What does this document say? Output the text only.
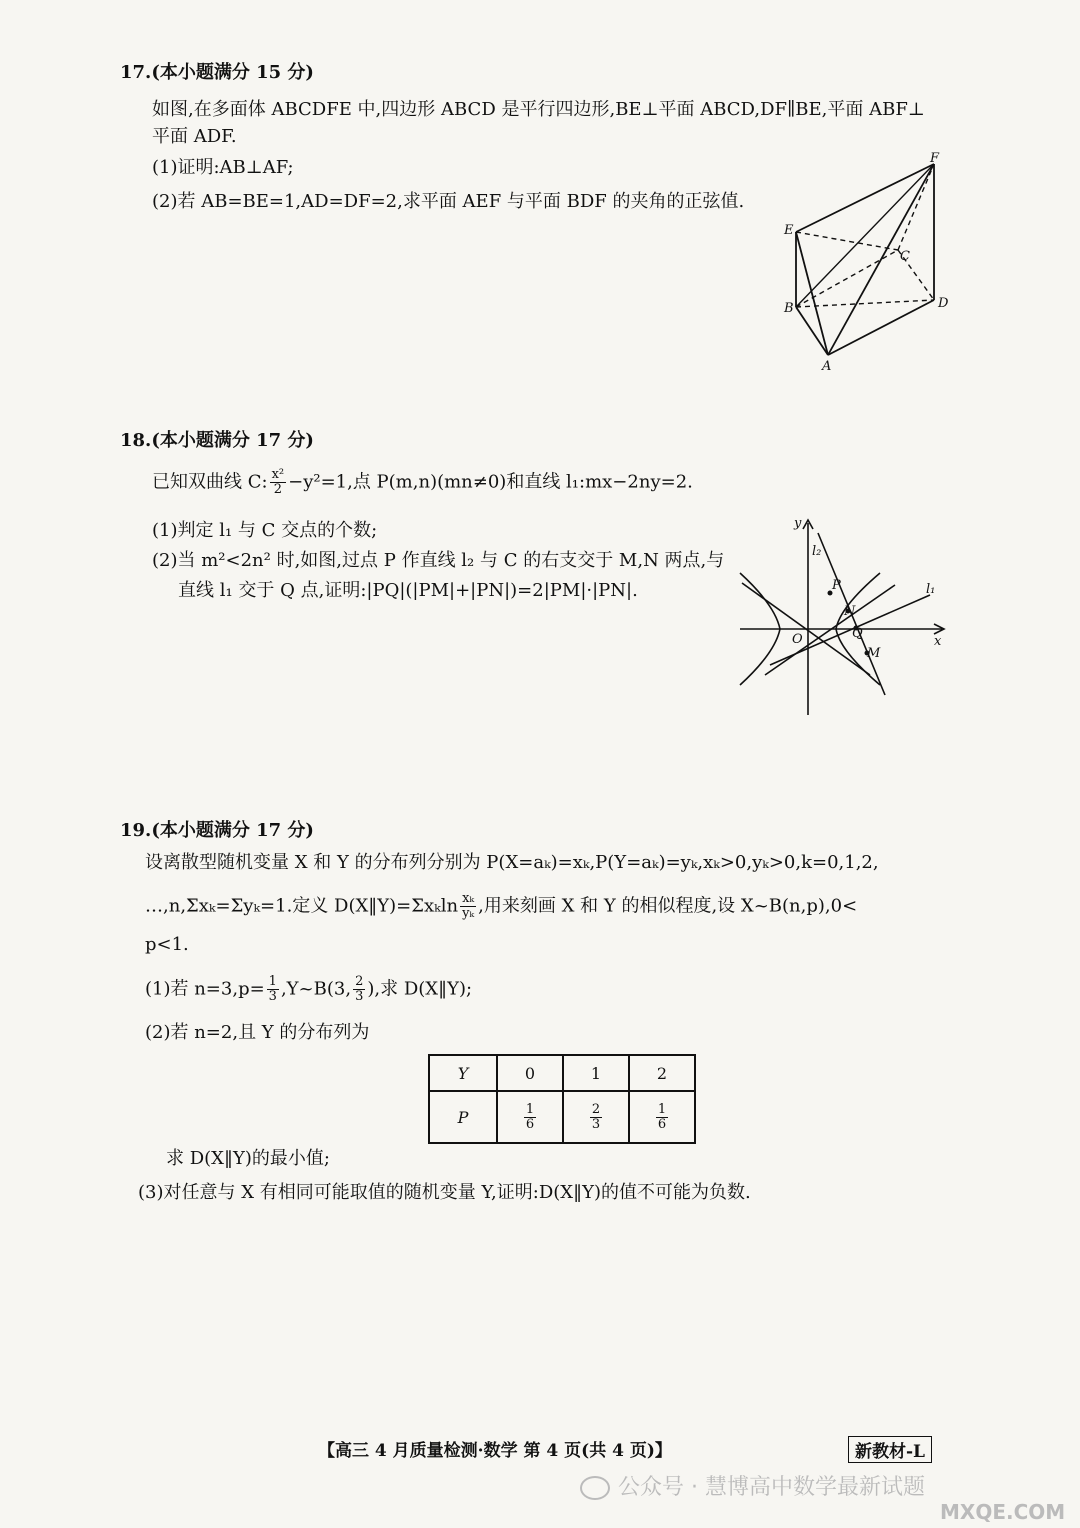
17.(本小题满分 15 分)
如图,在多面体 ABCDFE 中,四边形 ABCD 是平行四边形,BE⊥平面 ABCD,DF∥BE,平面 ABF⊥
平面 ADF.
(1)证明:AB⊥AF;
(2)若 AB=BE=1,AD=DF=2,求平面 AEF 与平面 BDF 的夹角的正弦值.
F
E
C
B	D
A
18.(本小题满分 17 分)
已知双曲线 C: $\frac{\text{x²}}{2} -y^2=1$,点 P(m,n)(mn≠0)和直线 l₁:mx−2ny=2.
(1)判定 l₁ 与 C 交点的个数;
(2)当 m²<2n² 时,如图,过点 P 作直线 l₂ 与 C 的右支交于 M,N 两点,与
直线 l₁ 交于 Q 点,证明:|PQ|(|PM|+|PN|)=2|PM|·|PN|.
y
x
O
P
N
Q
M
l₁
l₂
19.(本小题满分 17 分)
设离散型随机变量 X 和 Y 的分布列分别为 P(X=aₖ)=xₖ,P(Y=aₖ)=yₖ,xₖ>0,yₖ>0,k=0,1,2,
…,n,Σxₖ=Σyₖ=1.定义 D(X‖Y)=Σxₖln $\frac{\text{xₖ}}{\text{yₖ}}$ ,用来刻画 X 和 Y 的相似程度,设 X~B(n,p),0<
p<1.
(1)若 $n=3,p= \frac{1}{3}$ ,Y~B(3, $\frac{2}{3}$ ),求 D(X‖Y);
(2)若 n=2,且 Y 的分布列为
Y	0	1	2
P	$\frac{1}{6}$	$\frac{2}{3}$	$\frac{1}{6}$
求 D(X‖Y)的最小值;
(3)对任意与 X 有相同可能取值的随机变量 Y,证明:D(X‖Y)的值不可能为负数.
【高三 4 月质量检测·数学 第 4 页(共 4 页)】	新教材-L
公众号 · 慧博高中数学最新试题
MXQE.COM
